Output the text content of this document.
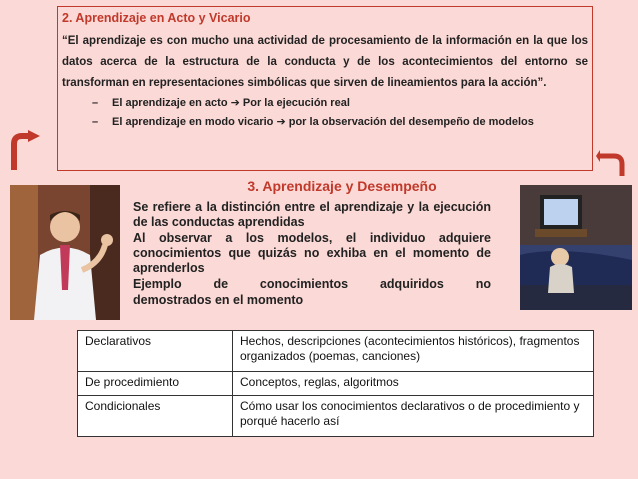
2. Aprendizaje en Acto y Vicario
“El aprendizaje es con mucho una actividad de procesamiento de la información en la que los datos acerca de la estructura de la conducta y de los acontecimientos del entorno se transforman en representaciones simbólicas que sirven de lineamientos para la acción”.
– El aprendizaje en acto ➔ Por la ejecución real
– El aprendizaje en modo vicario ➔ por la observación del desempeño de modelos
3. Aprendizaje y Desempeño

Se refiere a la distinción entre el aprendizaje y la ejecución de las conductas aprendidas

Al observar a los modelos, el individuo adquiere conocimientos que quizás no exhiba en el momento de aprenderlos

Ejemplo de conocimientos adquiridos no

demostrados en el momento

Declarativos	Hechos, descripciones (acontecimientos históricos), fragmentos organizados (poemas, canciones)
De procedimiento	Conceptos, reglas, algoritmos
Condicionales	Cómo usar los conocimientos declarativos o de procedimiento y porqué hacerlo así
